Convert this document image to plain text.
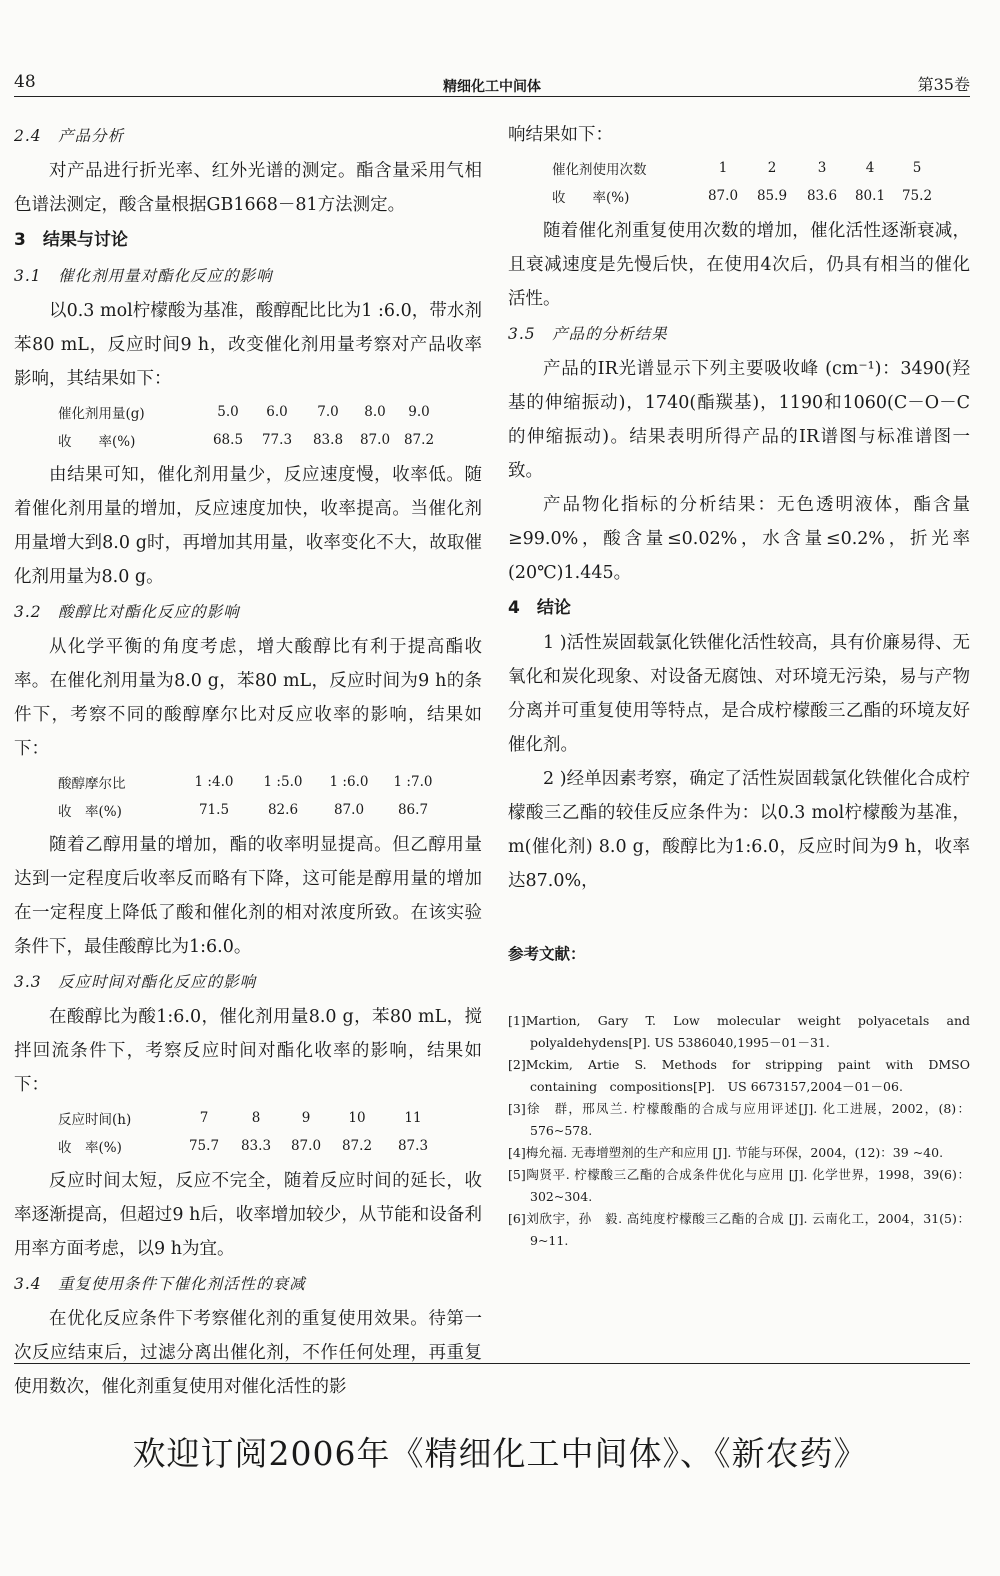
48	精细化工中间体	第35卷
2.4　产品分析

对产品进行折光率、红外光谱的测定。酯含量采用气相色谱法测定，酸含量根据GB1668－81方法测定。

3　结果与讨论
3.1　催化剂用量对酯化反应的影响

以0.3 mol柠檬酸为基准，酸醇配比比为1 :6.0，带水剂苯80 mL，反应时间9 h，改变催化剂用量考察对产品收率影响，其结果如下：

催化剂用量(g)	5.0	6.0	7.0	8.0	9.0
收　　率(%)	68.5	77.3	83.8	87.0	87.2

由结果可知，催化剂用量少，反应速度慢，收率低。随着催化剂用量的增加，反应速度加快，收率提高。当催化剂用量增大到8.0 g时，再增加其用量，收率变化不大，故取催化剂用量为8.0 g。

3.2　酸醇比对酯化反应的影响

从化学平衡的角度考虑，增大酸醇比有利于提高酯收率。在催化剂用量为8.0 g，苯80 mL，反应时间为9 h的条件下，考察不同的酸醇摩尔比对反应收率的影响，结果如下：

酸醇摩尔比	1 :4.0	1 :5.0	1 :6.0	1 :7.0
收　率(%)	71.5	82.6	87.0	86.7

随着乙醇用量的增加，酯的收率明显提高。但乙醇用量达到一定程度后收率反而略有下降，这可能是醇用量的增加在一定程度上降低了酸和催化剂的相对浓度所致。在该实验条件下，最佳酸醇比为1:6.0。

3.3　反应时间对酯化反应的影响

在酸醇比为酸1:6.0，催化剂用量8.0 g，苯80 mL，搅拌回流条件下，考察反应时间对酯化收率的影响，结果如下：

反应时间(h)	7	8	9	10	11
收　率(%)	75.7	83.3	87.0	87.2	87.3

反应时间太短，反应不完全，随着反应时间的延长，收率逐渐提高，但超过9 h后，收率增加较少，从节能和设备利用率方面考虑，以9 h为宜。

3.4　重复使用条件下催化剂活性的衰减

在优化反应条件下考察催化剂的重复使用效果。待第一次反应结束后，过滤分离出催化剂，不作任何处理，再重复使用数次，催化剂重复使用对催化活性的影

响结果如下：

催化剂使用次数	1	2	3	4	5
收　　率(%)	87.0	85.9	83.6	80.1	75.2

随着催化剂重复使用次数的增加，催化活性逐渐衰减，且衰减速度是先慢后快，在使用4次后，仍具有相当的催化活性。

3.5　产品的分析结果

产品的IR光谱显示下列主要吸收峰 (cm⁻¹)：3490(羟基的伸缩振动)，1740(酯羰基)，1190和1060(C－O－C的伸缩振动)。结果表明所得产品的IR谱图与标准谱图一致。

产品物化指标的分析结果：无色透明液体，酯含量≥99.0%，酸含量≤0.02%，水含量≤0.2%，折光率(20℃)1.445。

4　结论

1 )活性炭固载氯化铁催化活性较高，具有价廉易得、无氧化和炭化现象、对设备无腐蚀、对环境无污染，易与产物分离并可重复使用等特点，是合成柠檬酸三乙酯的环境友好催化剂。

2 )经单因素考察，确定了活性炭固载氯化铁催化合成柠檬酸三乙酯的较佳反应条件为：以0.3 mol柠檬酸为基准，m(催化剂) 8.0 g，酸醇比为1:6.0，反应时间为9 h，收率达87.0%，

参考文献：
[1]Martion,　Gary　T.　Low　molecular　weight　polyacetals　and polyaldehydens[P]. US 5386040,1995－01－31.
[2]Mckim,　Artie　S.　Methods　for　stripping　paint　with　DMSO containing　compositions[P].　US 6673157,2004－01－06.
[3]徐　群，邢凤兰. 柠檬酸酯的合成与应用评述[J]. 化工进展，2002，(8)：576~578.
[4]梅允福. 无毒增塑剂的生产和应用 [J]. 节能与环保，2004，(12)：39 ~40.
[5]陶贤平. 柠檬酸三乙酯的合成条件优化与应用 [J]. 化学世界，1998，39(6)：302~304.
[6]刘欣宇，孙　毅. 高纯度柠檬酸三乙酯的合成 [J]. 云南化工，2004，31(5)：9~11.
欢迎订阅2006年《精细化工中间体》、《新农药》
